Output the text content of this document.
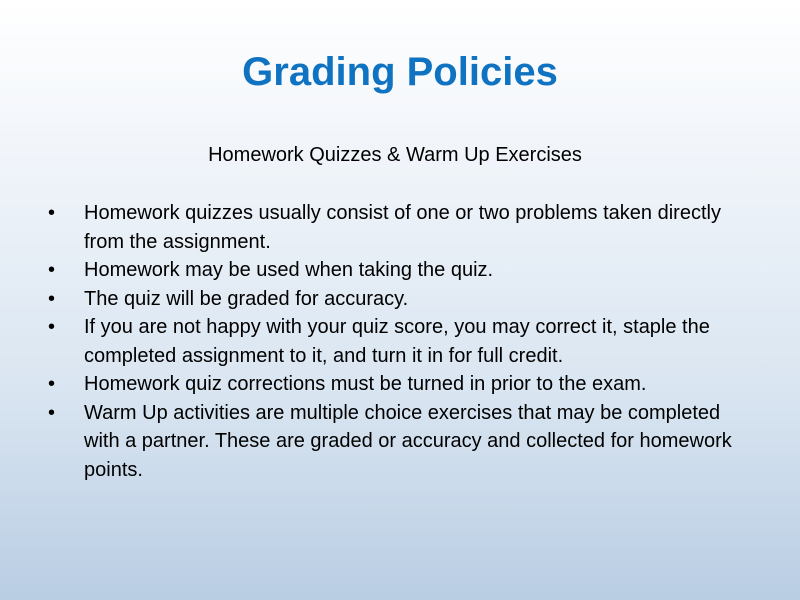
Grading Policies

Homework Quizzes & Warm Up Exercises

• Homework quizzes usually consist of one or two problems taken directly from the assignment.
• Homework may be used when taking the quiz.
• The quiz will be graded for accuracy.
• If you are not happy with your quiz score, you may correct it, staple the completed assignment to it, and turn it in for full credit.
• Homework quiz corrections must be turned in prior to the exam.
• Warm Up activities are multiple choice exercises that may be completed with a partner. These are graded or accuracy and collected for homework points.
